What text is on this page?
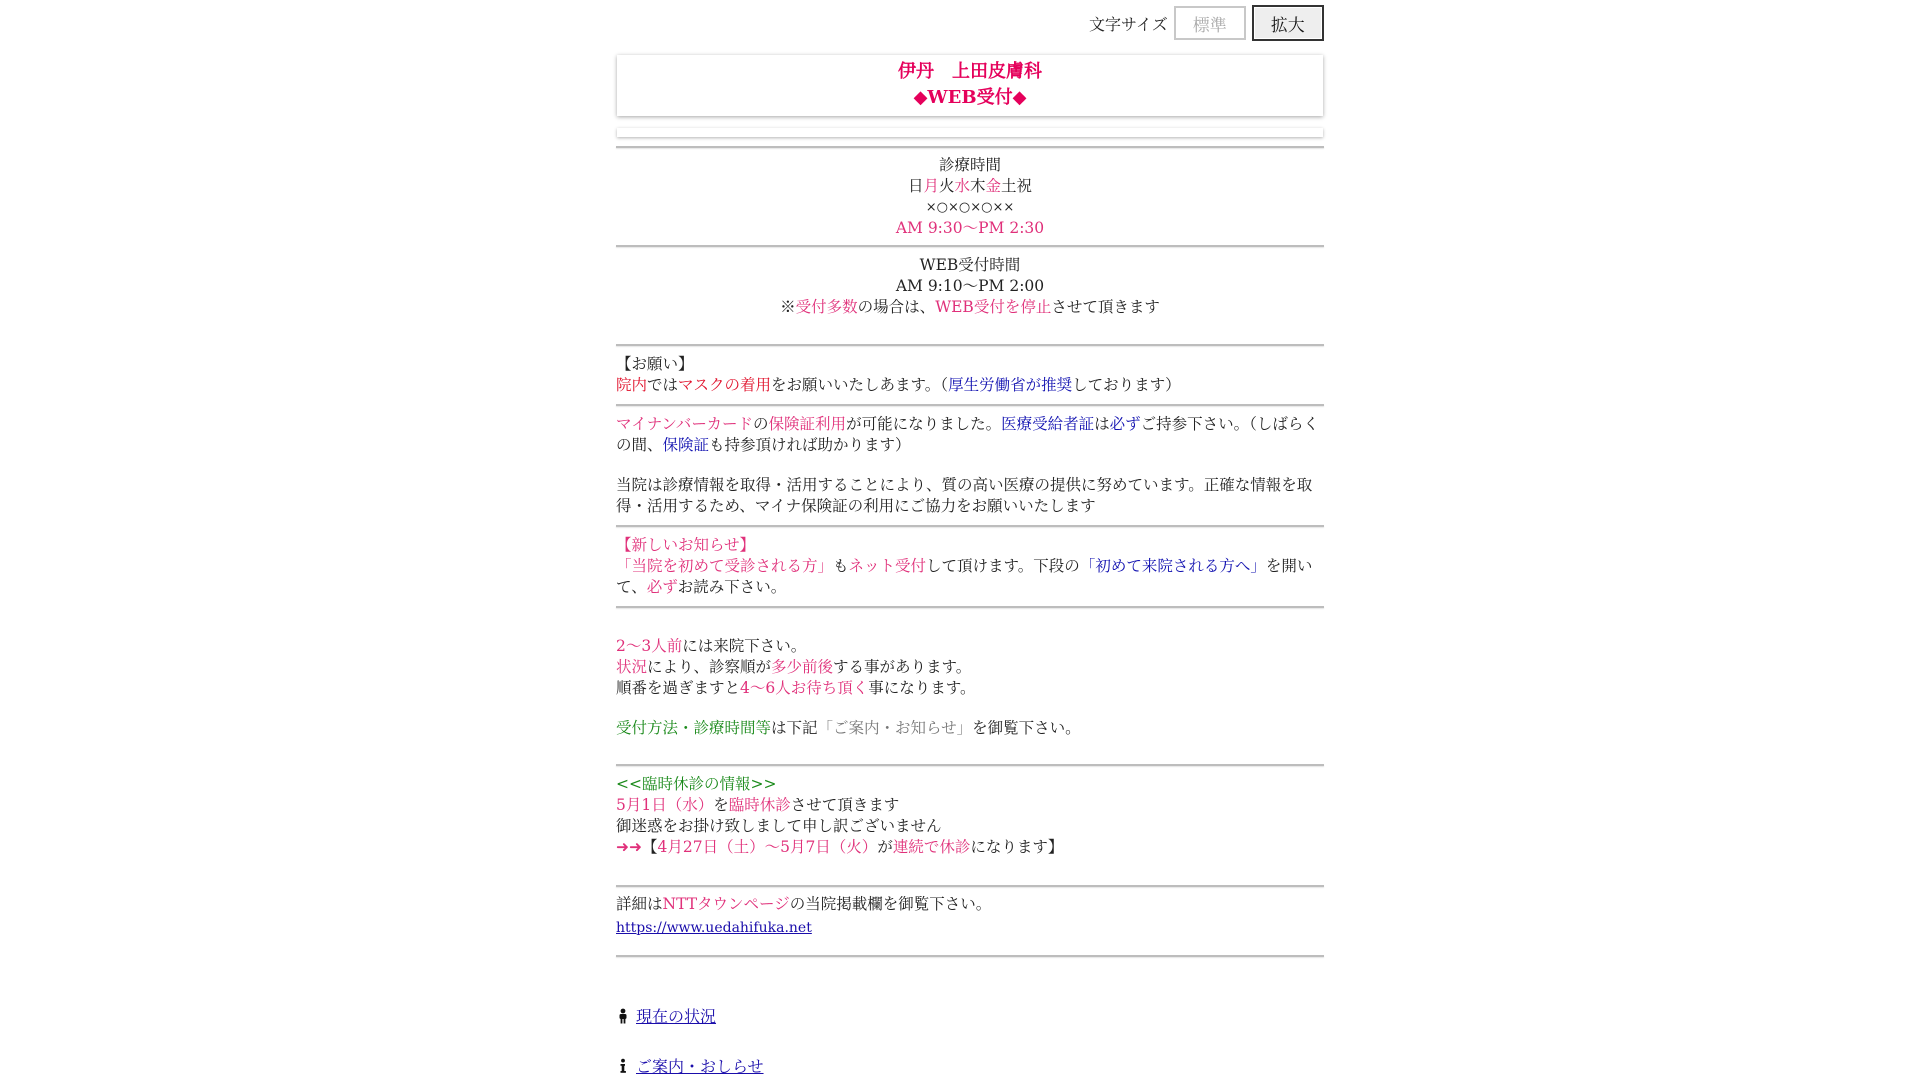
文字サイズ	標準	拡大
伊丹　上田皮膚科
◆WEB受付◆
診療時間
日月火水木金土祝
×○×○×○××
AM 9:30～PM 2:30
WEB受付時間
AM 9:10～PM 2:00
※受付多数の場合は、WEB受付を停止させて頂きます
【お願い】
院内ではマスクの着用をお願いいたしあます。（厚生労働省が推奨しております）
マイナンバーカードの保険証利用が可能になりました。医療受給者証は必ずご持参下さい。（しばらくの間、保険証も持参頂ければ助かります）
当院は診療情報を取得・活用することにより、質の高い医療の提供に努めています。正確な情報を取得・活用するため、マイナ保険証の利用にご協力をお願いいたします
【新しいお知らせ】
「当院を初めて受診される方」もネット受付して頂けます。下段の「初めて来院される方へ」を開いて、必ずお読み下さい。
2～3人前には来院下さい。
状況により、診察順が多少前後する事があります。
順番を過ぎますと4～6人お待ち頂く事になります。
受付方法・診療時間等は下記「ご案内・お知らせ」を御覧下さい。
<<臨時休診の情報>>
5月1日（水）を臨時休診させて頂きます
御迷惑をお掛け致しまして申し訳ございません
➜➜【4月27日（土）～5月7日（火）が連続で休診になります】
詳細はNTTタウンページの当院掲載欄を御覧下さい。
https://www.uedahifuka.net
現在の状況
ご案内・おしらせ
